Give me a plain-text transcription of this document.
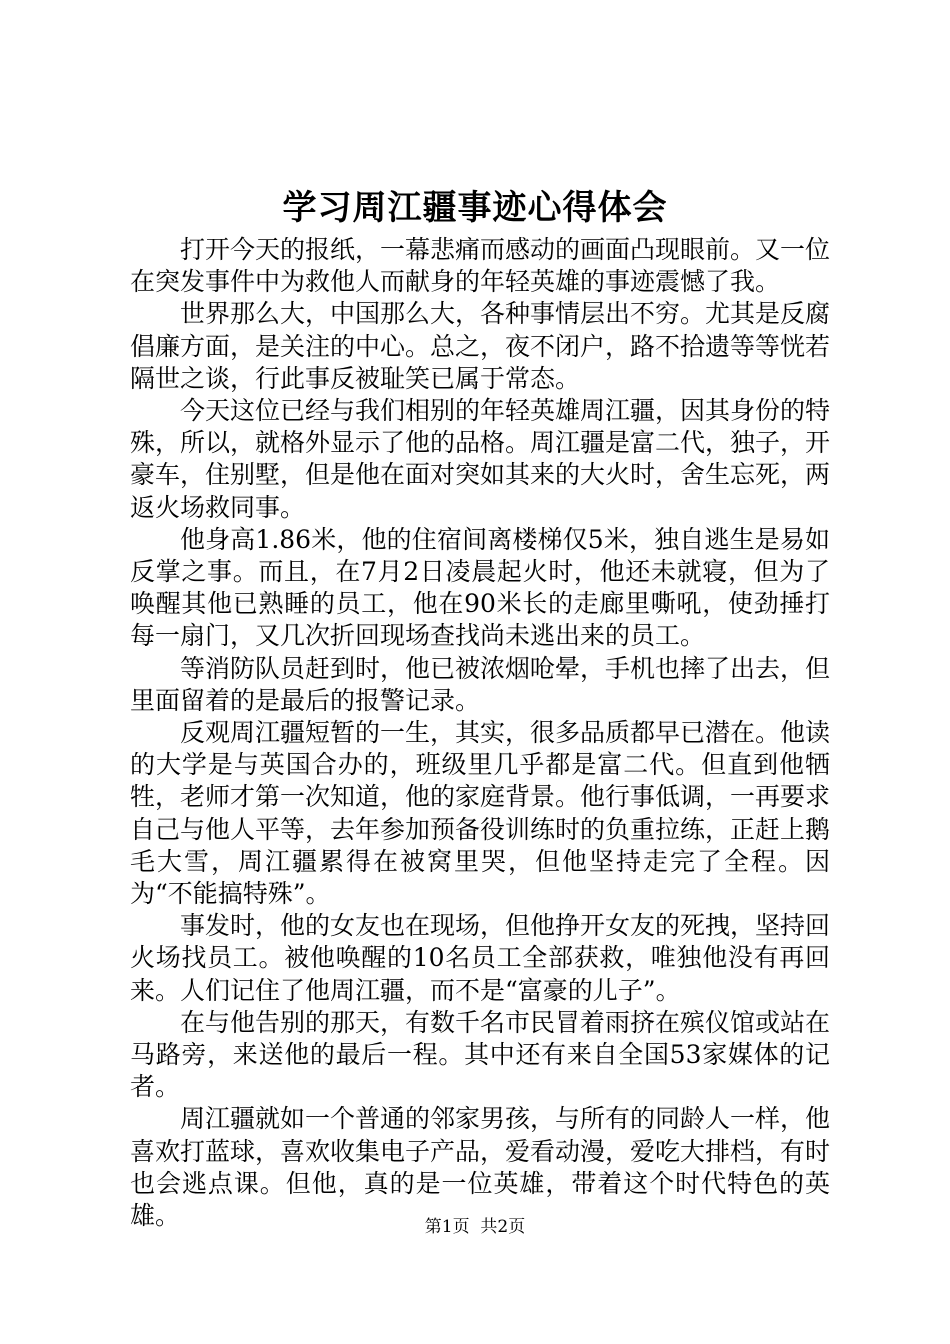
学习周江疆事迹心得体会

打开今天的报纸，一幕悲痛而感动的画面凸现眼前。又一位在突发事件中为救他人而献身的年轻英雄的事迹震憾了我。

世界那么大，中国那么大，各种事情层出不穷。尤其是反腐倡廉方面，是关注的中心。总之，夜不闭户，路不拾遗等等恍若隔世之谈，行此事反被耻笑已属于常态。

今天这位已经与我们相别的年轻英雄周江疆，因其身份的特殊，所以，就格外显示了他的品格。周江疆是富二代，独子，开豪车，住别墅，但是他在面对突如其来的大火时，舍生忘死，两返火场救同事。

他身高1.86米，他的住宿间离楼梯仅5米，独自逃生是易如反掌之事。而且，在7月2日凌晨起火时，他还未就寝，但为了唤醒其他已熟睡的员工，他在90米长的走廊里嘶吼，使劲捶打每一扇门，又几次折回现场查找尚未逃出来的员工。

等消防队员赶到时，他已被浓烟呛晕，手机也摔了出去，但里面留着的是最后的报警记录。

反观周江疆短暂的一生，其实，很多品质都早已潜在。他读的大学是与英国合办的，班级里几乎都是富二代。但直到他牺牲，老师才第一次知道，他的家庭背景。他行事低调，一再要求自己与他人平等，去年参加预备役训练时的负重拉练，正赶上鹅毛大雪，周江疆累得在被窝里哭，但他坚持走完了全程。因为“不能搞特殊”。

事发时，他的女友也在现场，但他挣开女友的死拽，坚持回火场找员工。被他唤醒的10名员工全部获救，唯独他没有再回来。人们记住了他周江疆，而不是“富豪的儿子”。

在与他告别的那天，有数千名市民冒着雨挤在殡仪馆或站在马路旁，来送他的最后一程。其中还有来自全国53家媒体的记者。

周江疆就如一个普通的邻家男孩，与所有的同龄人一样，他喜欢打蓝球，喜欢收集电子产品，爱看动漫，爱吃大排档，有时也会逃点课。但他，真的是一位英雄，带着这个时代特色的英雄。	第1页  共2页
